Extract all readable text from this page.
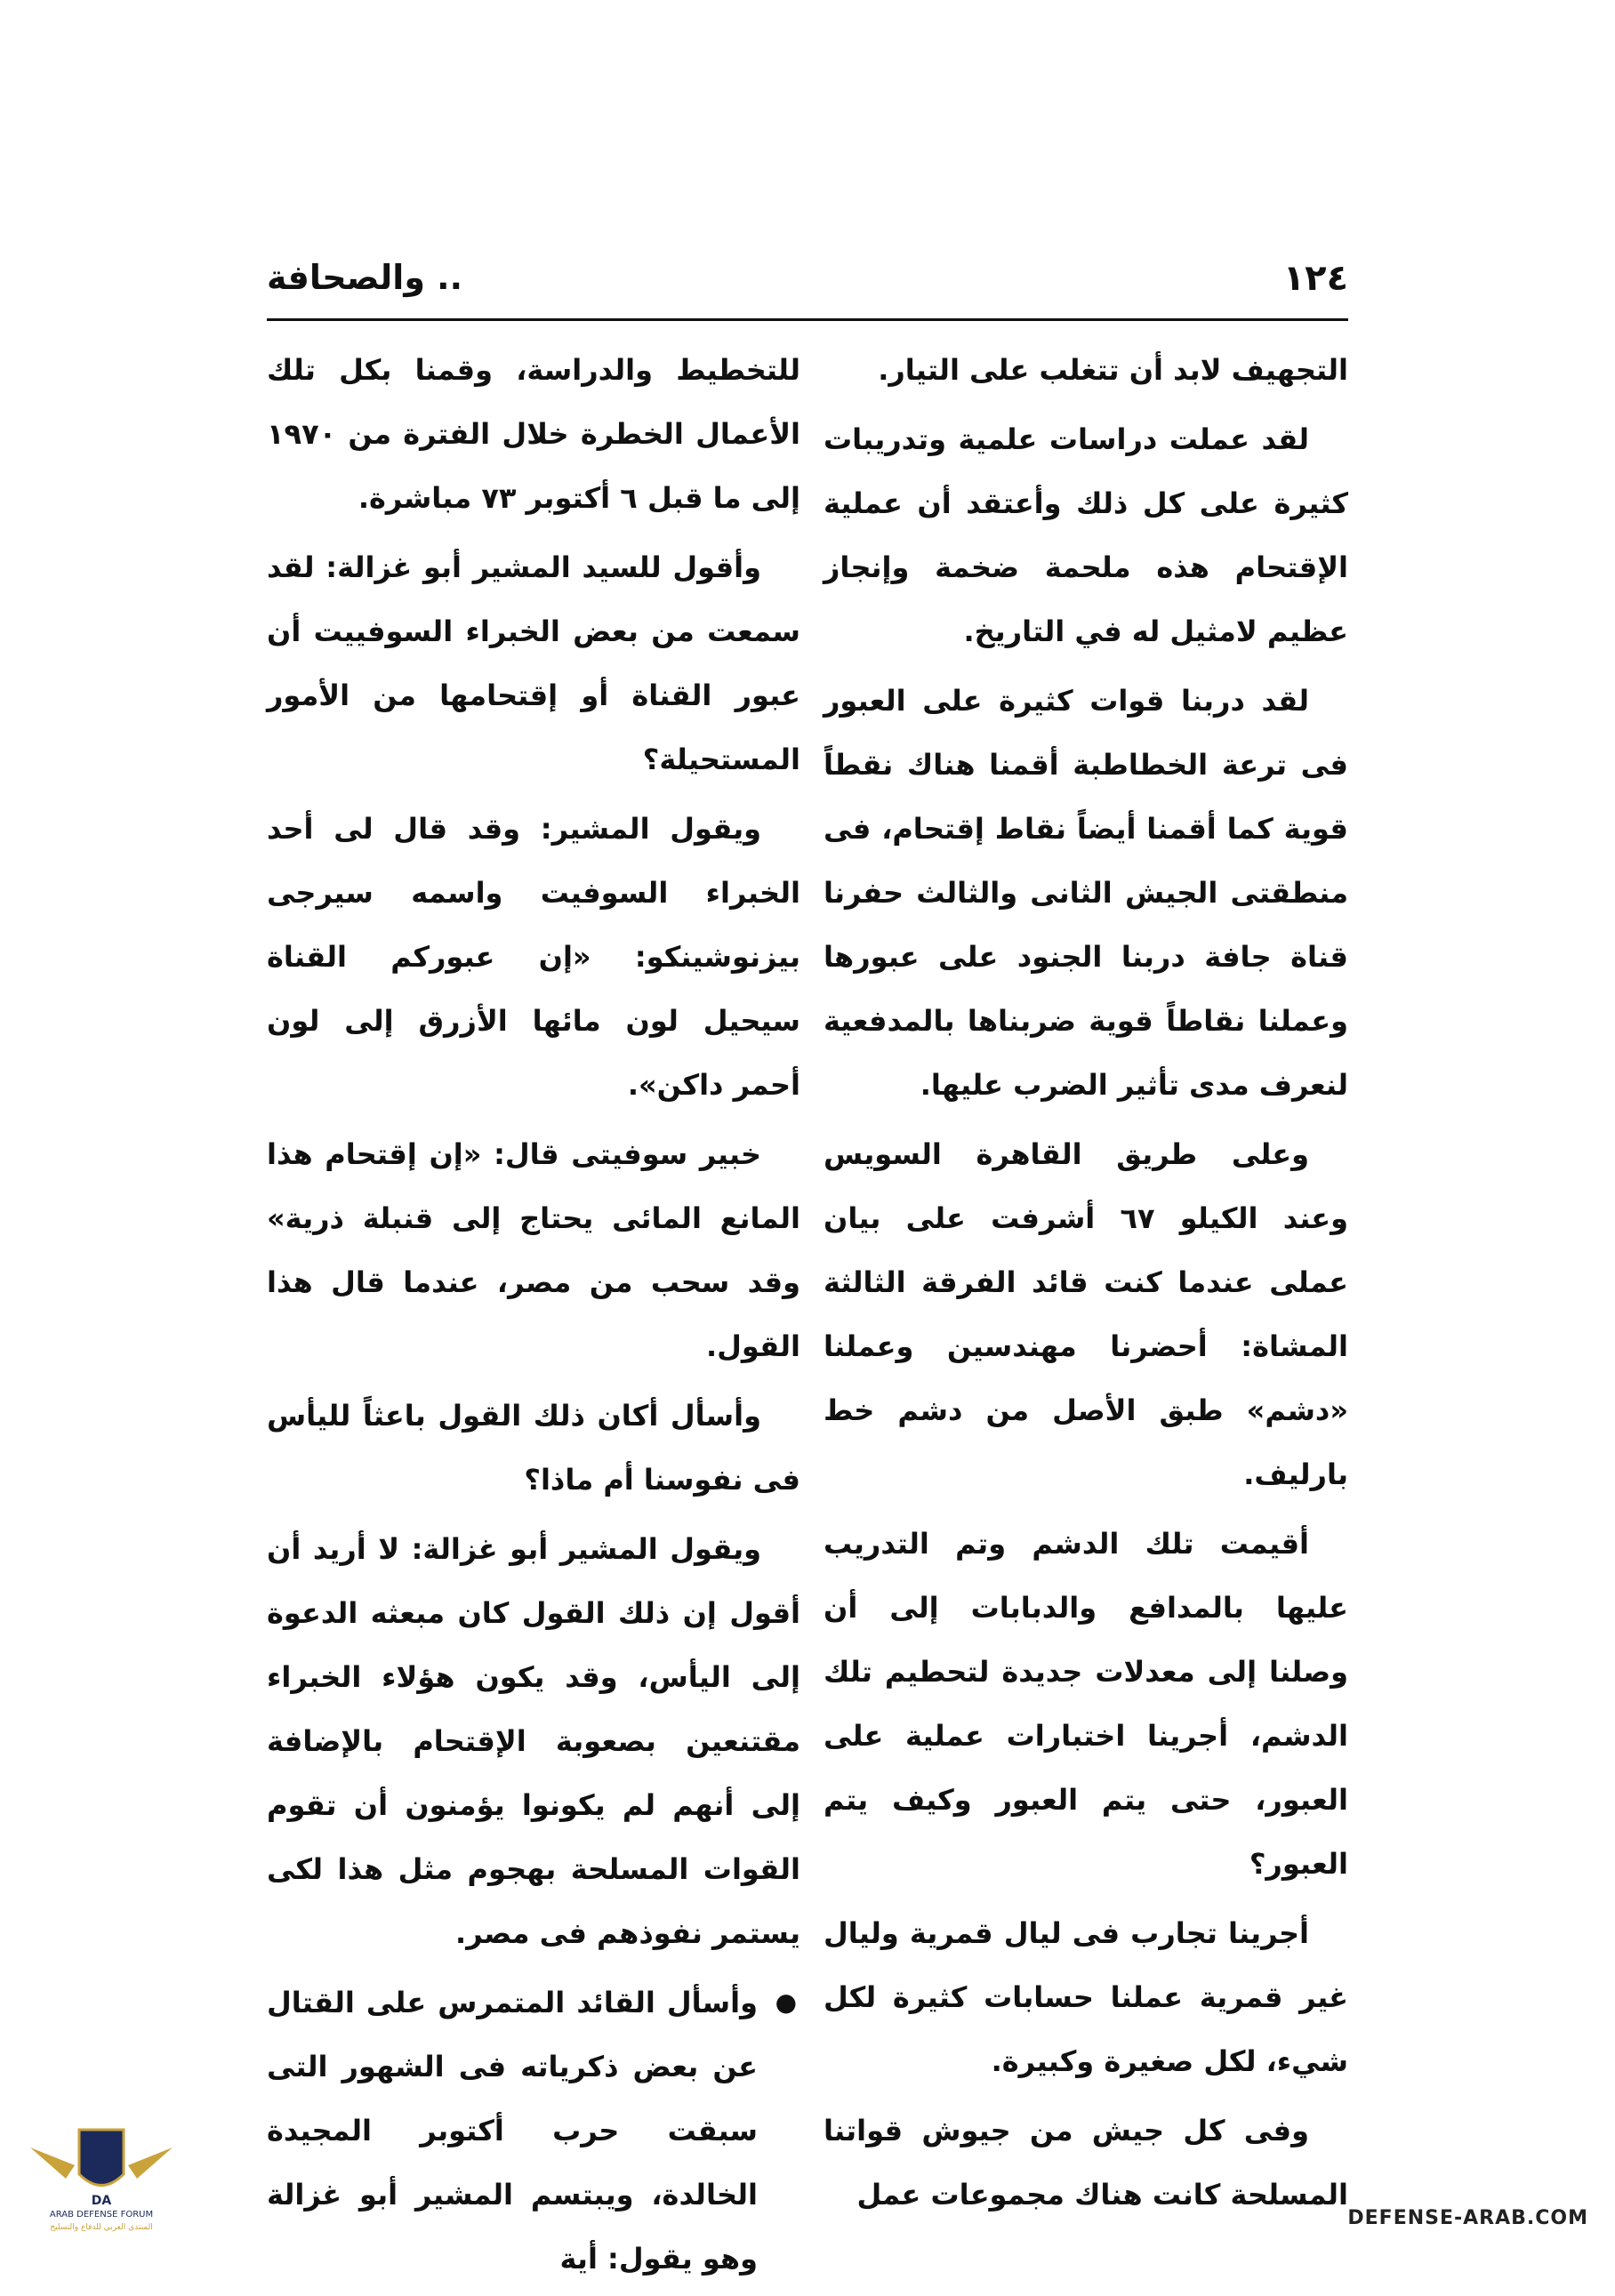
١٢٤
.. والصحافة

التجهيف لابد أن تتغلب على التيار.

لقد عملت دراسات علمية وتدريبات كثيرة على كل ذلك وأعتقد أن عملية الإقتحام هذه ملحمة ضخمة وإنجاز عظيم لامثيل له في التاريخ.

لقد دربنا قوات كثيرة على العبور فى ترعة الخطاطبة أقمنا هناك نقطاً قوية كما أقمنا أيضاً نقاط إقتحام، فى منطقتى الجيش الثانى والثالث حفرنا قناة جافة دربنا الجنود على عبورها وعملنا نقاطاً قوية ضربناها بالمدفعية لنعرف مدى تأثير الضرب عليها.

وعلى طريق القاهرة السويس وعند الكيلو ٦٧ أشرفت على بيان عملى عندما كنت قائد الفرقة الثالثة المشاة: أحضرنا مهندسين وعملنا «دشم» طبق الأصل من دشم خط بارليف.

أقيمت تلك الدشم وتم التدريب عليها بالمدافع والدبابات إلى أن وصلنا إلى معدلات جديدة لتحطيم تلك الدشم، أجرينا اختبارات عملية على العبور، حتى يتم العبور وكيف يتم العبور؟

أجرينا تجارب فى ليال قمرية وليال غير قمرية عملنا حسابات كثيرة لكل شيء، لكل صغيرة وكبيرة.

وفى كل جيش من جيوش قواتنا المسلحة كانت هناك مجموعات عمل

للتخطيط والدراسة، وقمنا بكل تلك الأعمال الخطرة خلال الفترة من ١٩٧٠ إلى ما قبل ٦ أكتوبر ٧٣ مباشرة.

وأقول للسيد المشير أبو غزالة: لقد سمعت من بعض الخبراء السوفييت أن عبور القناة أو إقتحامها من الأمور المستحيلة؟

ويقول المشير: وقد قال لى أحد الخبراء السوفيت واسمه سيرجى بيزنوشينكو: «إن عبوركم القناة سيحيل لون مائها الأزرق إلى لون أحمر داكن».

خبير سوفيتى قال: «إن إقتحام هذا المانع المائى يحتاج إلى قنبلة ذرية» وقد سحب من مصر، عندما قال هذا القول.

وأسأل أكان ذلك القول باعثاً لليأس فى نفوسنا أم ماذا؟

ويقول المشير أبو غزالة: لا أريد أن أقول إن ذلك القول كان مبعثه الدعوة إلى اليأس، وقد يكون هؤلاء الخبراء مقتنعين بصعوبة الإقتحام بالإضافة إلى أنهم لم يكونوا يؤمنون أن تقوم القوات المسلحة بهجوم مثل هذا لكى يستمر نفوذهم فى مصر.

●
وأسأل القائد المتمرس على القتال عن بعض ذكرياته فى الشهور التى سبقت حرب أكتوبر المجيدة الخالدة، ويبتسم المشير أبو غزالة وهو يقول: أية

DA
ARAB DEFENSE FORUM
المنتدى العربي للدفاع والتسليح	DEFENSE-ARAB.COM
